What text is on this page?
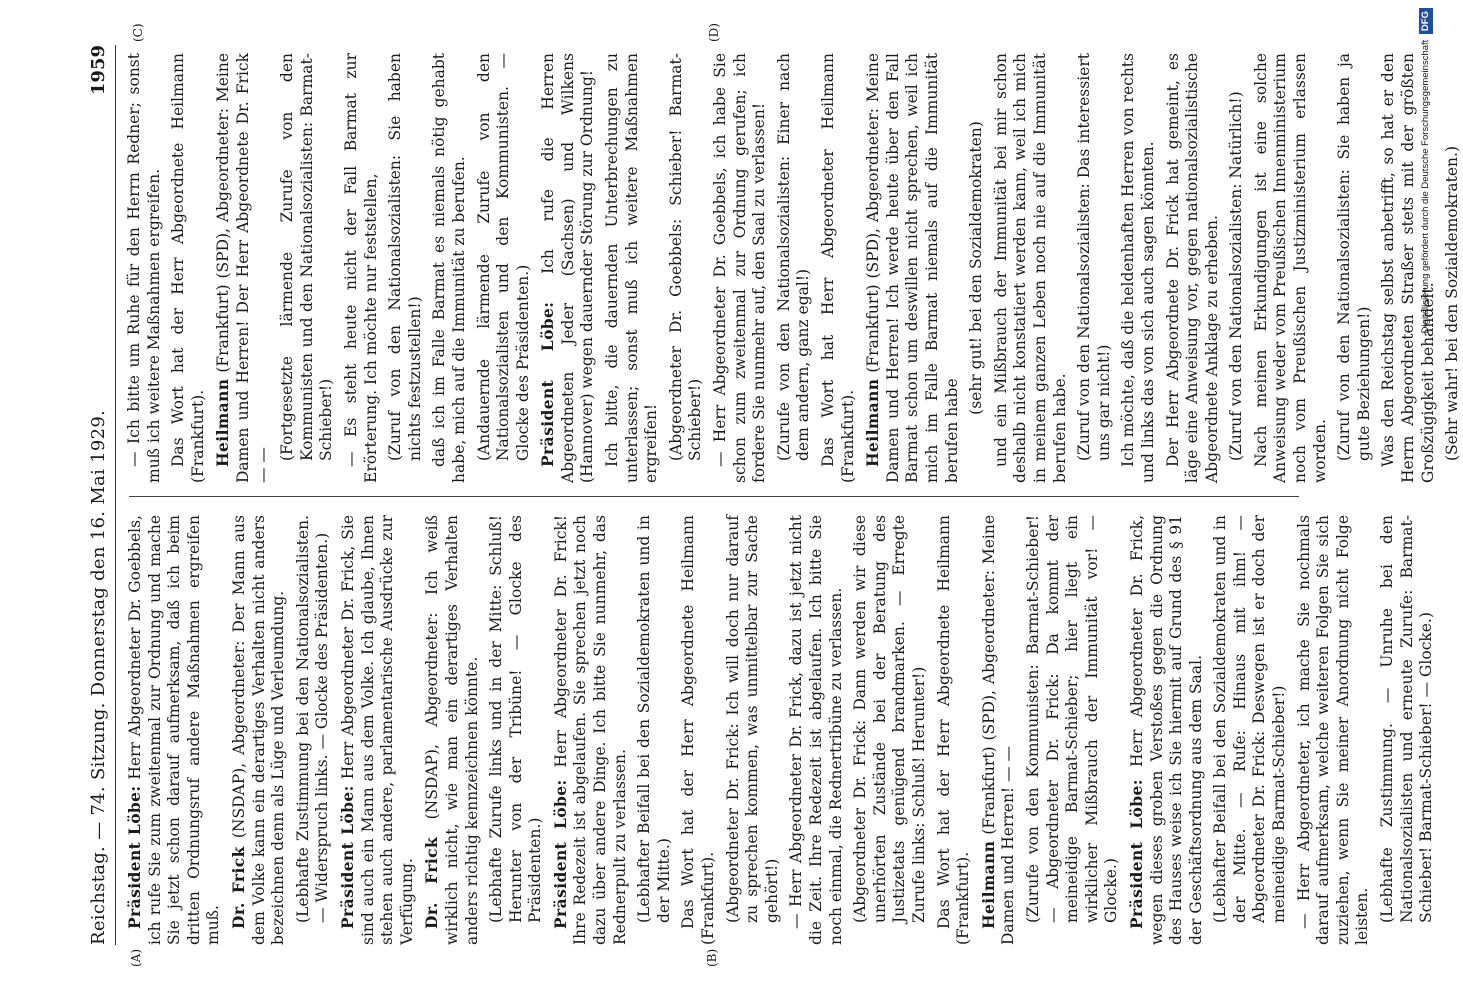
Reichstag. — 74. Sitzung. Donnerstag den 16. Mai 1929.
1959
(A)	(B)
(C)	(D)

Präsident Löbe: Herr Abgeordneter Dr. Goebbels, ich rufe Sie zum zweitenmal zur Ordnung und mache Sie jetzt schon darauf aufmerksam, daß ich beim dritten Ordnungsruf andere Maßnahmen ergreifen muß. Dr. Frick (NSDAP), Abgeordneter: Der Mann aus dem Volke kann ein derartiges Verhalten nicht anders bezeichnen denn als Lüge und Verleumdung. (Lebhafte Zustimmung bei den Nationalsozialisten. — Widerspruch links. — Glocke des Präsidenten.) Präsident Löbe: Herr Abgeordneter Dr. Frick, Sie sind auch ein Mann aus dem Volke. Ich glaube, Ihnen stehen auch andere, parlamentarische Ausdrücke zur Verfügung. Dr. Frick (NSDAP), Abgeordneter: Ich weiß wirklich nicht, wie man ein derartiges Verhalten anders richtig kennzeichnen könnte. (Lebhafte Zurufe links und in der Mitte: Schluß! Herunter von der Tribüne! — Glocke des Präsidenten.) Präsident Löbe: Herr Abgeordneter Dr. Frick! Ihre Redezeit ist abgelaufen. Sie sprechen jetzt noch dazu über andere Dinge. Ich bitte Sie nunmehr, das Rednerpult zu verlassen. (Lebhafter Beifall bei den Sozialdemokraten und in der Mitte.) Das Wort hat der Herr Abgeordnete Heilmann (Frankfurt). (Abgeordneter Dr. Frick: Ich will doch nur darauf zu sprechen kommen, was unmittelbar zur Sache gehört!) — Herr Abgeordneter Dr. Frick, dazu ist jetzt nicht die Zeit. Ihre Redezeit ist abgelaufen. Ich bitte Sie noch einmal, die Rednertribüne zu verlassen. (Abgeordneter Dr. Frick: Dann werden wir diese unerhörten Zustände bei der Beratung des Justizetats genügend brandmarken. — Erregte Zurufe links: Schluß! Herunter!) Das Wort hat der Herr Abgeordnete Heilmann (Frankfurt). Heilmann (Frankfurt) (SPD), Abgeordneter: Meine Damen und Herren! — — (Zurufe von den Kommunisten: Barmat-Schieber! — Abgeordneter Dr. Frick: Da kommt der meineidige Barmat-Schieber; hier liegt ein wirklicher Mißbrauch der Immunität vor! — Glocke.) Präsident Löbe: Herr Abgeordneter Dr. Frick, wegen dieses groben Verstoßes gegen die Ordnung des Hauses weise ich Sie hiermit auf Grund des § 91 der Geschäftsordnung aus dem Saal. (Lebhafter Beifall bei den Sozialdemokraten und in der Mitte. — Rufe: Hinaus mit ihm! — Abgeordneter Dr. Frick: Deswegen ist er doch der meineidige Barmat-Schieber!) — Herr Abgeordneter, ich mache Sie nochmals darauf aufmerksam, welche weiteren Folgen Sie sich zuziehen, wenn Sie meiner Anordnung nicht Folge leisten. (Lebhafte Zustimmung. — Unruhe bei den Nationalsozialisten und erneute Zurufe: Barmat-Schieber! Barmat-Schieber! — Glocke.)

— Ich bitte um Ruhe für den Herrn Redner; sonst muß ich weitere Maßnahmen ergreifen. Das Wort hat der Herr Abgeordnete Heilmann (Frankfurt). Heilmann (Frankfurt) (SPD), Abgeordneter: Meine Damen und Herren! Der Herr Abgeordnete Dr. Frick — —

(Fortgesetzte lärmende Zurufe von den Kommunisten und den Nationalsozialisten: Barmat-Schieber!) — Es steht heute nicht der Fall Barmat zur Erörterung. Ich möchte nur feststellen, (Zuruf von den Nationalsozialisten: Sie haben nichts festzustellen!) daß ich im Falle Barmat es niemals nötig gehabt habe, mich auf die Immunität zu berufen. (Andauernde lärmende Zurufe von den Nationalsozialisten und den Kommunisten. — Glocke des Präsidenten.) Präsident Löbe: Ich rufe die Herren Abgeordneten Jeder (Sachsen) und Wilkens (Hannover) wegen dauernder Störung zur Ordnung! Ich bitte, die dauernden Unterbrechungen zu unterlassen; sonst muß ich weitere Maßnahmen ergreifen! (Abgeordneter Dr. Goebbels: Schieber! Barmat-Schieber!) — Herr Abgeordneter Dr. Goebbels, ich habe Sie schon zum zweitenmal zur Ordnung gerufen; ich fordere Sie nunmehr auf, den Saal zu verlassen! (Zurufe von den Nationalsozialisten: Einer nach dem andern, ganz egal!) Das Wort hat Herr Abgeordneter Heilmann (Frankfurt). Heilmann (Frankfurt) (SPD), Abgeordneter: Meine Damen und Herren! Ich werde heute über den Fall Barmat schon um deswillen nicht sprechen, weil ich mich im Falle Barmat niemals auf die Immunität berufen habe

(sehr gut! bei den Sozialdemokraten) und ein Mißbrauch der Immunität bei mir schon deshalb nicht konstatiert werden kann, weil ich mich in meinem ganzen Leben noch nie auf die Immunität berufen habe. (Zuruf von den Nationalsozialisten: Das interessiert uns gar nicht!) Ich möchte, daß die heldenhaften Herren von rechts und links das von sich auch sagen könnten. Der Herr Abgeordnete Dr. Frick hat gemeint, es läge eine Anweisung vor, gegen nationalsozialistische Abgeordnete Anklage zu erheben. (Zuruf von den Nationalsozialisten: Natürlich!) Nach meinen Erkundigungen ist eine solche Anweisung weder vom Preußischen Innenministerium noch vom Preußischen Justizministerium erlassen worden. (Zuruf von den Nationalsozialisten: Sie haben ja gute Beziehungen!) Was den Reichstag selbst anbetrifft, so hat er den Herrn Abgeordneten Straßer stets mit der größten Großzügigkeit behandelt. (Sehr wahr! bei den Sozialdemokraten.)

Digitalisierung gefördert durch die Deutsche Forschungsgemeinschaft DFG
